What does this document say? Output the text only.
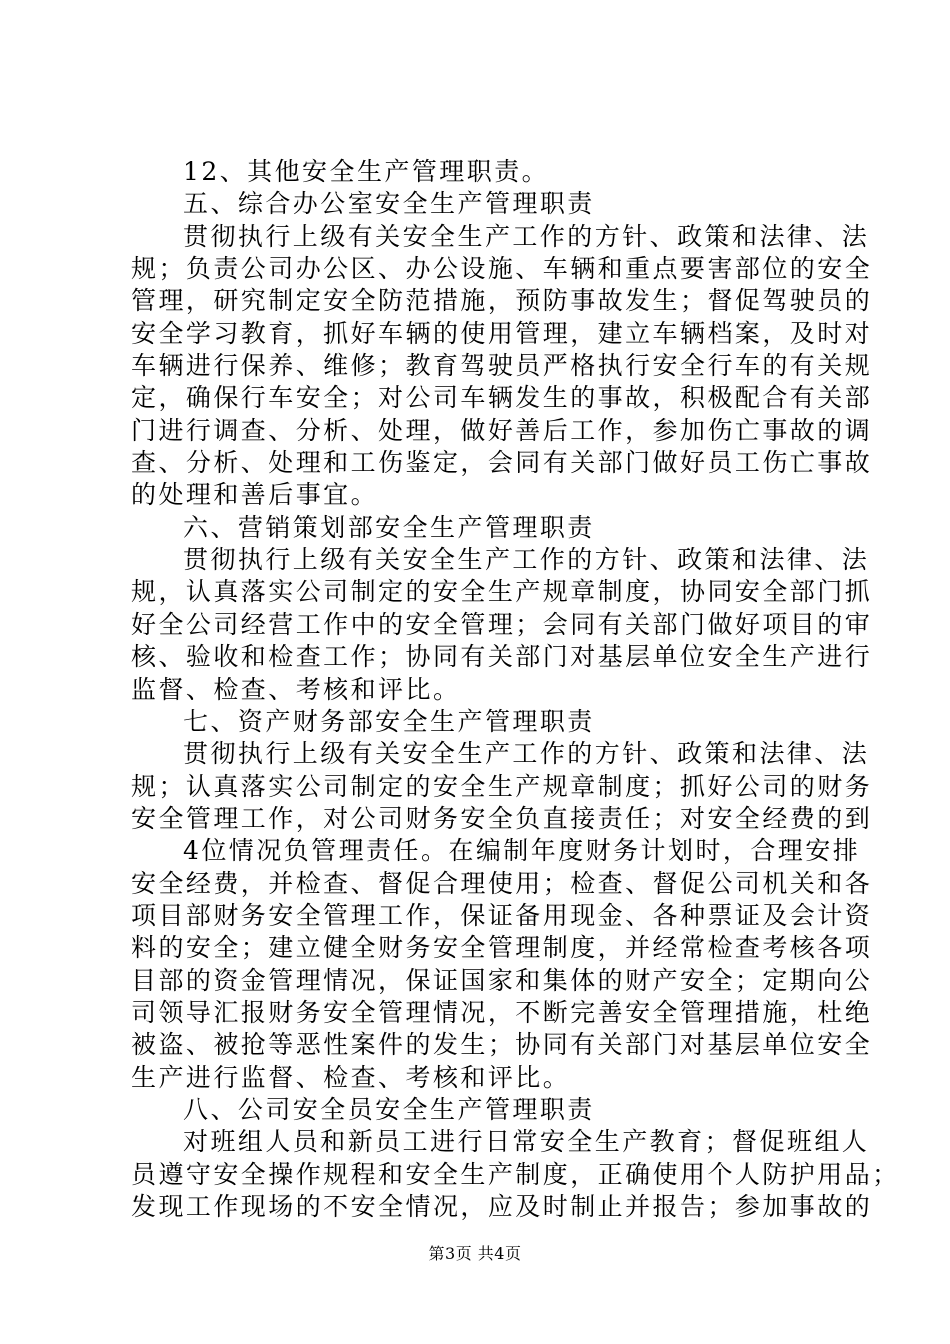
12、其他安全生产管理职责。
五、综合办公室安全生产管理职责
贯彻执行上级有关安全生产工作的方针、政策和法律、法
规；负责公司办公区、办公设施、车辆和重点要害部位的安全
管理，研究制定安全防范措施，预防事故发生；督促驾驶员的
安全学习教育，抓好车辆的使用管理，建立车辆档案，及时对
车辆进行保养、维修；教育驾驶员严格执行安全行车的有关规
定，确保行车安全；对公司车辆发生的事故，积极配合有关部
门进行调查、分析、处理，做好善后工作，参加伤亡事故的调
查、分析、处理和工伤鉴定，会同有关部门做好员工伤亡事故
的处理和善后事宜。
六、营销策划部安全生产管理职责
贯彻执行上级有关安全生产工作的方针、政策和法律、法
规，认真落实公司制定的安全生产规章制度，协同安全部门抓
好全公司经营工作中的安全管理；会同有关部门做好项目的审
核、验收和检查工作；协同有关部门对基层单位安全生产进行
监督、检查、考核和评比。
七、资产财务部安全生产管理职责
贯彻执行上级有关安全生产工作的方针、政策和法律、法
规；认真落实公司制定的安全生产规章制度；抓好公司的财务
安全管理工作，对公司财务安全负直接责任；对安全经费的到
4位情况负管理责任。在编制年度财务计划时，合理安排
安全经费，并检查、督促合理使用；检查、督促公司机关和各
项目部财务安全管理工作，保证备用现金、各种票证及会计资
料的安全；建立健全财务安全管理制度，并经常检查考核各项
目部的资金管理情况，保证国家和集体的财产安全；定期向公
司领导汇报财务安全管理情况，不断完善安全管理措施，杜绝
被盗、被抢等恶性案件的发生；协同有关部门对基层单位安全
生产进行监督、检查、考核和评比。
八、公司安全员安全生产管理职责
对班组人员和新员工进行日常安全生产教育；督促班组人
员遵守安全操作规程和安全生产制度，正确使用个人防护用品；
发现工作现场的不安全情况，应及时制止并报告；参加事故的
第3页 共4页
